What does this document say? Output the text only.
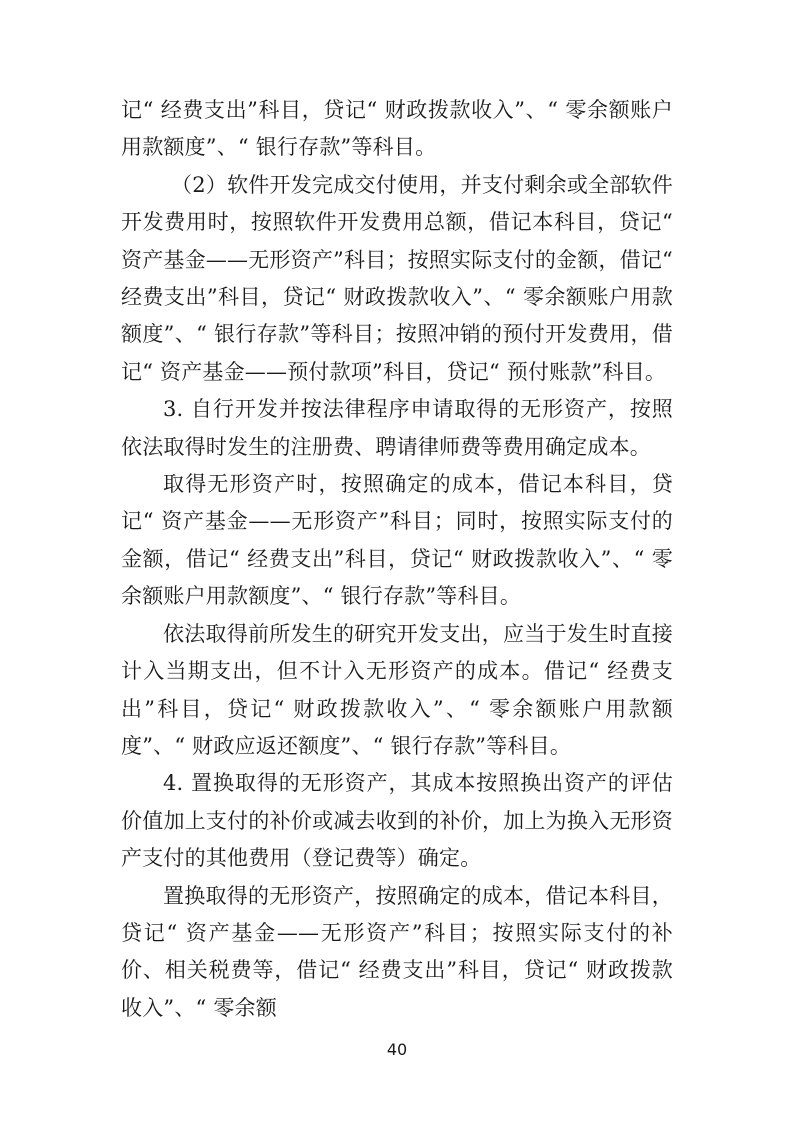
记“ 经费支出”科目，贷记“ 财政拨款收入”、“ 零余额账户用款额度”、“ 银行存款”等科目。

（2）软件开发完成交付使用，并支付剩余或全部软件开发费用时，按照软件开发费用总额，借记本科目，贷记“ 资产基金——无形资产”科目；按照实际支付的金额，借记“ 经费支出”科目，贷记“ 财政拨款收入”、“ 零余额账户用款额度”、“ 银行存款”等科目；按照冲销的预付开发费用，借记“ 资产基金——预付款项”科目，贷记“ 预付账款”科目。

3. 自行开发并按法律程序申请取得的无形资产，按照依法取得时发生的注册费、聘请律师费等费用确定成本。

取得无形资产时，按照确定的成本，借记本科目，贷记“ 资产基金——无形资产”科目；同时，按照实际支付的金额，借记“ 经费支出”科目，贷记“ 财政拨款收入”、“ 零余额账户用款额度”、“ 银行存款”等科目。

依法取得前所发生的研究开发支出，应当于发生时直接计入当期支出，但不计入无形资产的成本。借记“ 经费支出”科目，贷记“ 财政拨款收入”、“ 零余额账户用款额度”、“ 财政应返还额度”、“ 银行存款”等科目。

4. 置换取得的无形资产，其成本按照换出资产的评估价值加上支付的补价或减去收到的补价，加上为换入无形资产支付的其他费用（登记费等）确定。

置换取得的无形资产，按照确定的成本，借记本科目，贷记“ 资产基金——无形资产”科目；按照实际支付的补价、相关税费等，借记“ 经费支出”科目，贷记“ 财政拨款收入”、“ 零余额

40
